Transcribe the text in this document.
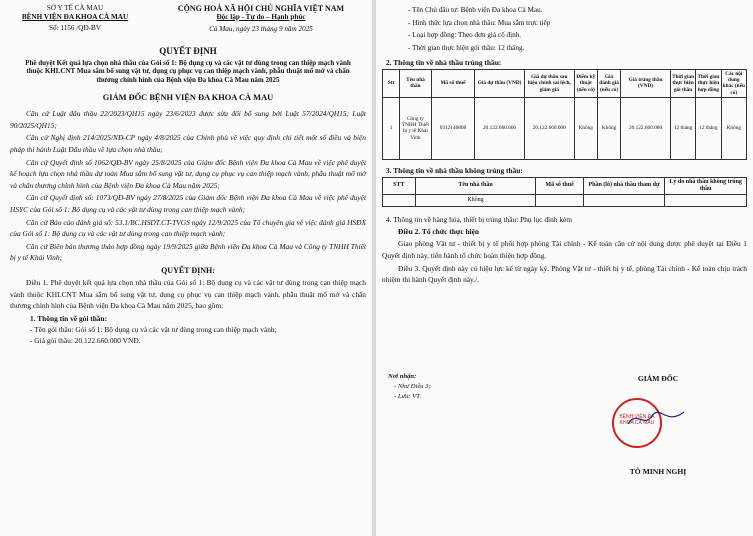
SỞ Y TẾ CÀ MAU
BỆNH VIỆN ĐA KHOA CÀ MAU
Số: 1156 /QĐ-BV
CỘNG HOÀ XÃ HỘI CHỦ NGHĨA VIỆT NAM
Độc lập - Tự do – Hạnh phúc
Cà Mau, ngày 23 tháng 9 năm 2025
QUYẾT ĐỊNH
Phê duyệt Kết quả lựa chọn nhà thầu của Gói số 1: Bộ dụng cụ và các vật tư dùng trong can thiệp mạch vành thuộc KHLCNT Mua sắm bổ sung vật tư, dụng cụ phục vụ can thiệp mạch vành, phẫu thuật mổ mở và chấn thương chỉnh hình của Bệnh viện Đa khoa Cà Mau năm 2025
GIÁM ĐỐC BỆNH VIỆN ĐA KHOA CÀ MAU
Căn cứ Luật đấu thầu 22/2023/QH15 ngày 23/6/2023 được sửa đổi bổ sung bởi Luật 57/2024/QH15; Luật 90/2025/QH15;
Căn cứ Nghị định 214/2025/NĐ-CP ngày 4/8/2025 của Chính phủ về việc quy định chi tiết một số điều và biện pháp thi hành Luật Đấu thầu về lựa chọn nhà thầu;
Căn cứ Quyết định số 1062/QĐ-BV ngày 25/8/2025 của Giám đốc Bệnh viện Đa khoa Cà Mau về việc phê duyệt kế hoạch lựa chọn nhà thầu dự toán Mua sắm bổ sung vật tư, dụng cụ phục vụ can thiệp mạch vành, phẫu thuật mổ mở và chấn thương chỉnh hình của Bệnh viện Đa khoa Cà Mau năm 2025;
Căn cứ Quyết định số: 1073/QĐ-BV ngày 27/8/2025 của Giám đốc Bệnh viện Đa khoa Cà Mau về việc phê duyệt HSYC của Gói số 1: Bộ dụng cụ và các vật tư dùng trong can thiệp mạch vành;
Căn cứ Báo cáo đánh giá số: 53.1/BC.HSDT.CT-TVGS ngày 12/9/2025 của Tổ chuyên gia về việc đánh giá HSĐX của Gói số 1: Bộ dụng cụ và các vật tư dùng trong can thiệp mạch vành;
Căn cứ Biên bản thương thảo hợp đồng ngày 19/9/2025 giữa Bệnh viện Đa khoa Cà Mau và Công ty TNHH Thiết bị y tế Khải Vinh;
QUYẾT ĐỊNH:
Điều 1. Phê duyệt kết quả lựa chọn nhà thầu của Gói số 1: Bộ dụng cụ và các vật tư dùng trong can thiệp mạch vành thuộc KHLCNT Mua sắm bổ sung vật tư, dụng cụ phục vụ can thiệp mạch vành, phẫu thuật mổ mở và chấn thương chỉnh hình của Bệnh viện Đa khoa Cà Mau năm 2025, bao gồm:
1. Thông tin về gói thầu:
- Tên gói thầu: Gói số 1: Bộ dụng cụ và các vật tư dùng trong can thiệp mạch vành;
- Giá gói thầu: 20.122.660.000 VNĐ.
- Tên Chủ đầu tư: Bệnh viện Đa khoa Cà Mau.
- Hình thức lựa chọn nhà thầu: Mua sắm trực tiếp
- Loại hợp đồng: Theo đơn giá cố định.
- Thời gian thực hiện gói thầu: 12 tháng.
2. Thông tin về nhà thầu trúng thầu:
Stt	Tên nhà thầu	Mã số thuế	Giá dự thầu (VNĐ)	Giá dự thầu sau hiệu chỉnh sai lệch, giảm giá	Điểm kỹ thuật (nếu có)	Giá đánh giá (nếu có)	Giá trúng thầu (VNĐ)	Thời gian thực hiện gói thầu	Thời gian thực hiện hợp đồng	Các nội dung khác (nếu có)
1	Công ty TNHH Thiết bị y tế Khải Vinh	0312146808	20.122.660.000	20.122.660.000	Không	Không	20.122.660.000	12 tháng	12 tháng	Không
3. Thông tin về nhà thầu không trúng thầu:
STT	Tên nhà thầu	Mã số thuế	Phần (lô) nhà thầu tham dự	Lý do nhà thầu không trúng thầu
	Không			
4. Thông tin về hàng hóa, thiết bị trúng thầu: Phụ lục đính kèm
Điều 2. Tổ chức thực hiện
Giao phòng Vật tư - thiết bị y tế phối hợp phòng Tài chính - Kế toán căn cứ nội dung được phê duyệt tại Điều 1 Quyết định này, tiến hành tổ chức hoàn thiện hợp đồng.
Điều 3. Quyết định này có hiệu lực kể từ ngày ký. Phòng Vật tư - thiết bị y tế, phòng Tài chính - Kế toán chịu trách nhiệm thi hành Quyết định này./.
Nơi nhận:
- Như Điều 3;
- Lưu: VT.
GIÁM ĐỐC
BỆNH VIỆN ĐA KHOA CÀ MAU
TÔ MINH NGHỊ
